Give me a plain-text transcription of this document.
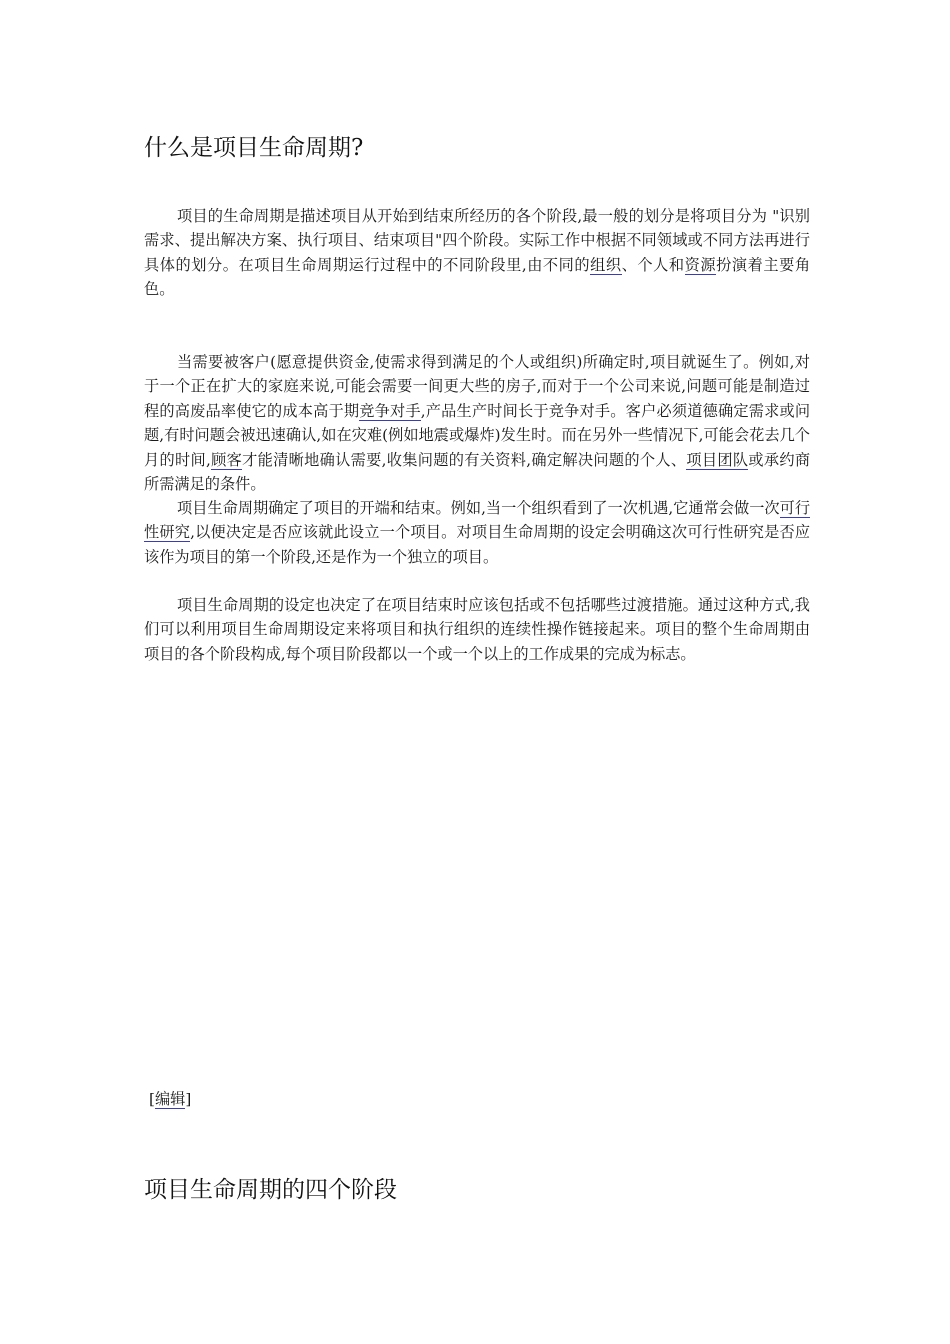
什么是项目生命周期?

项目的生命周期是描述项目从开始到结束所经历的各个阶段,最一般的划分是将项目分为 "识别需求、提出解决方案、执行项目、结束项目"四个阶段。实际工作中根据不同领域或不同方法再进行具体的划分。在项目生命周期运行过程中的不同阶段里,由不同的组织、个人和资源扮演着主要角色。

当需要被客户(愿意提供资金,使需求得到满足的个人或组织)所确定时,项目就诞生了。例如,对于一个正在扩大的家庭来说,可能会需要一间更大些的房子,而对于一个公司来说,问题可能是制造过程的高废品率使它的成本高于期竞争对手,产品生产时间长于竞争对手。客户必须道德确定需求或问题,有时问题会被迅速确认,如在灾难(例如地震或爆炸)发生时。而在另外一些情况下,可能会花去几个月的时间,顾客才能清晰地确认需要,收集问题的有关资料,确定解决问题的个人、项目团队或承约商所需满足的条件。

项目生命周期确定了项目的开端和结束。例如,当一个组织看到了一次机遇,它通常会做一次可行性研究,以便决定是否应该就此设立一个项目。对项目生命周期的设定会明确这次可行性研究是否应该作为项目的第一个阶段,还是作为一个独立的项目。

项目生命周期的设定也决定了在项目结束时应该包括或不包括哪些过渡措施。通过这种方式,我们可以利用项目生命周期设定来将项目和执行组织的连续性操作链接起来。项目的整个生命周期由项目的各个阶段构成,每个项目阶段都以一个或一个以上的工作成果的完成为标志。

[编辑]
项目生命周期的四个阶段
